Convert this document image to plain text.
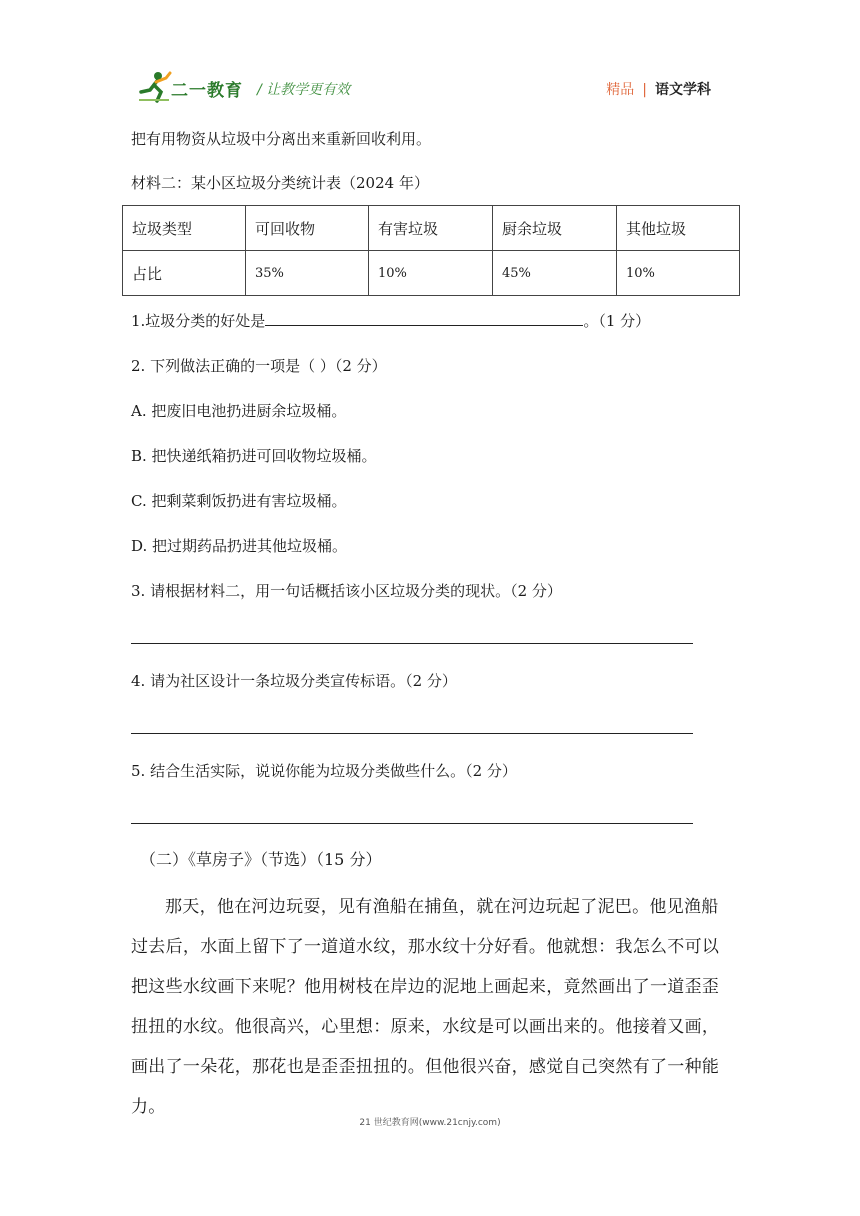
二一教育 / 让教学更有效	精品 | 语文学科
把有用物资从垃圾中分离出来重新回收利用。
材料二：某小区垃圾分类统计表（2024 年）
垃圾类型	可回收物	有害垃圾	厨余垃圾	其他垃圾
占比	35%	10%	45%	10%
1.垃圾分类的好处是	。（1 分）
2. 下列做法正确的一项是（ ）（2 分）
A. 把废旧电池扔进厨余垃圾桶。
B. 把快递纸箱扔进可回收物垃圾桶。
C. 把剩菜剩饭扔进有害垃圾桶。
D. 把过期药品扔进其他垃圾桶。
3. 请根据材料二，用一句话概括该小区垃圾分类的现状。（2 分）
4. 请为社区设计一条垃圾分类宣传标语。（2 分）
5. 结合生活实际，说说你能为垃圾分类做些什么。（2 分）
（二）《草房子》（节选）（15 分）
那天，他在河边玩耍，见有渔船在捕鱼，就在河边玩起了泥巴。他见渔船过去后，水面上留下了一道道水纹，那水纹十分好看。他就想：我怎么不可以把这些水纹画下来呢？他用树枝在岸边的泥地上画起来，竟然画出了一道歪歪扭扭的水纹。他很高兴，心里想：原来，水纹是可以画出来的。他接着又画，画出了一朵花，那花也是歪歪扭扭的。但他很兴奋，感觉自己突然有了一种能力。
21 世纪教育网(www.21cnjy.com)
